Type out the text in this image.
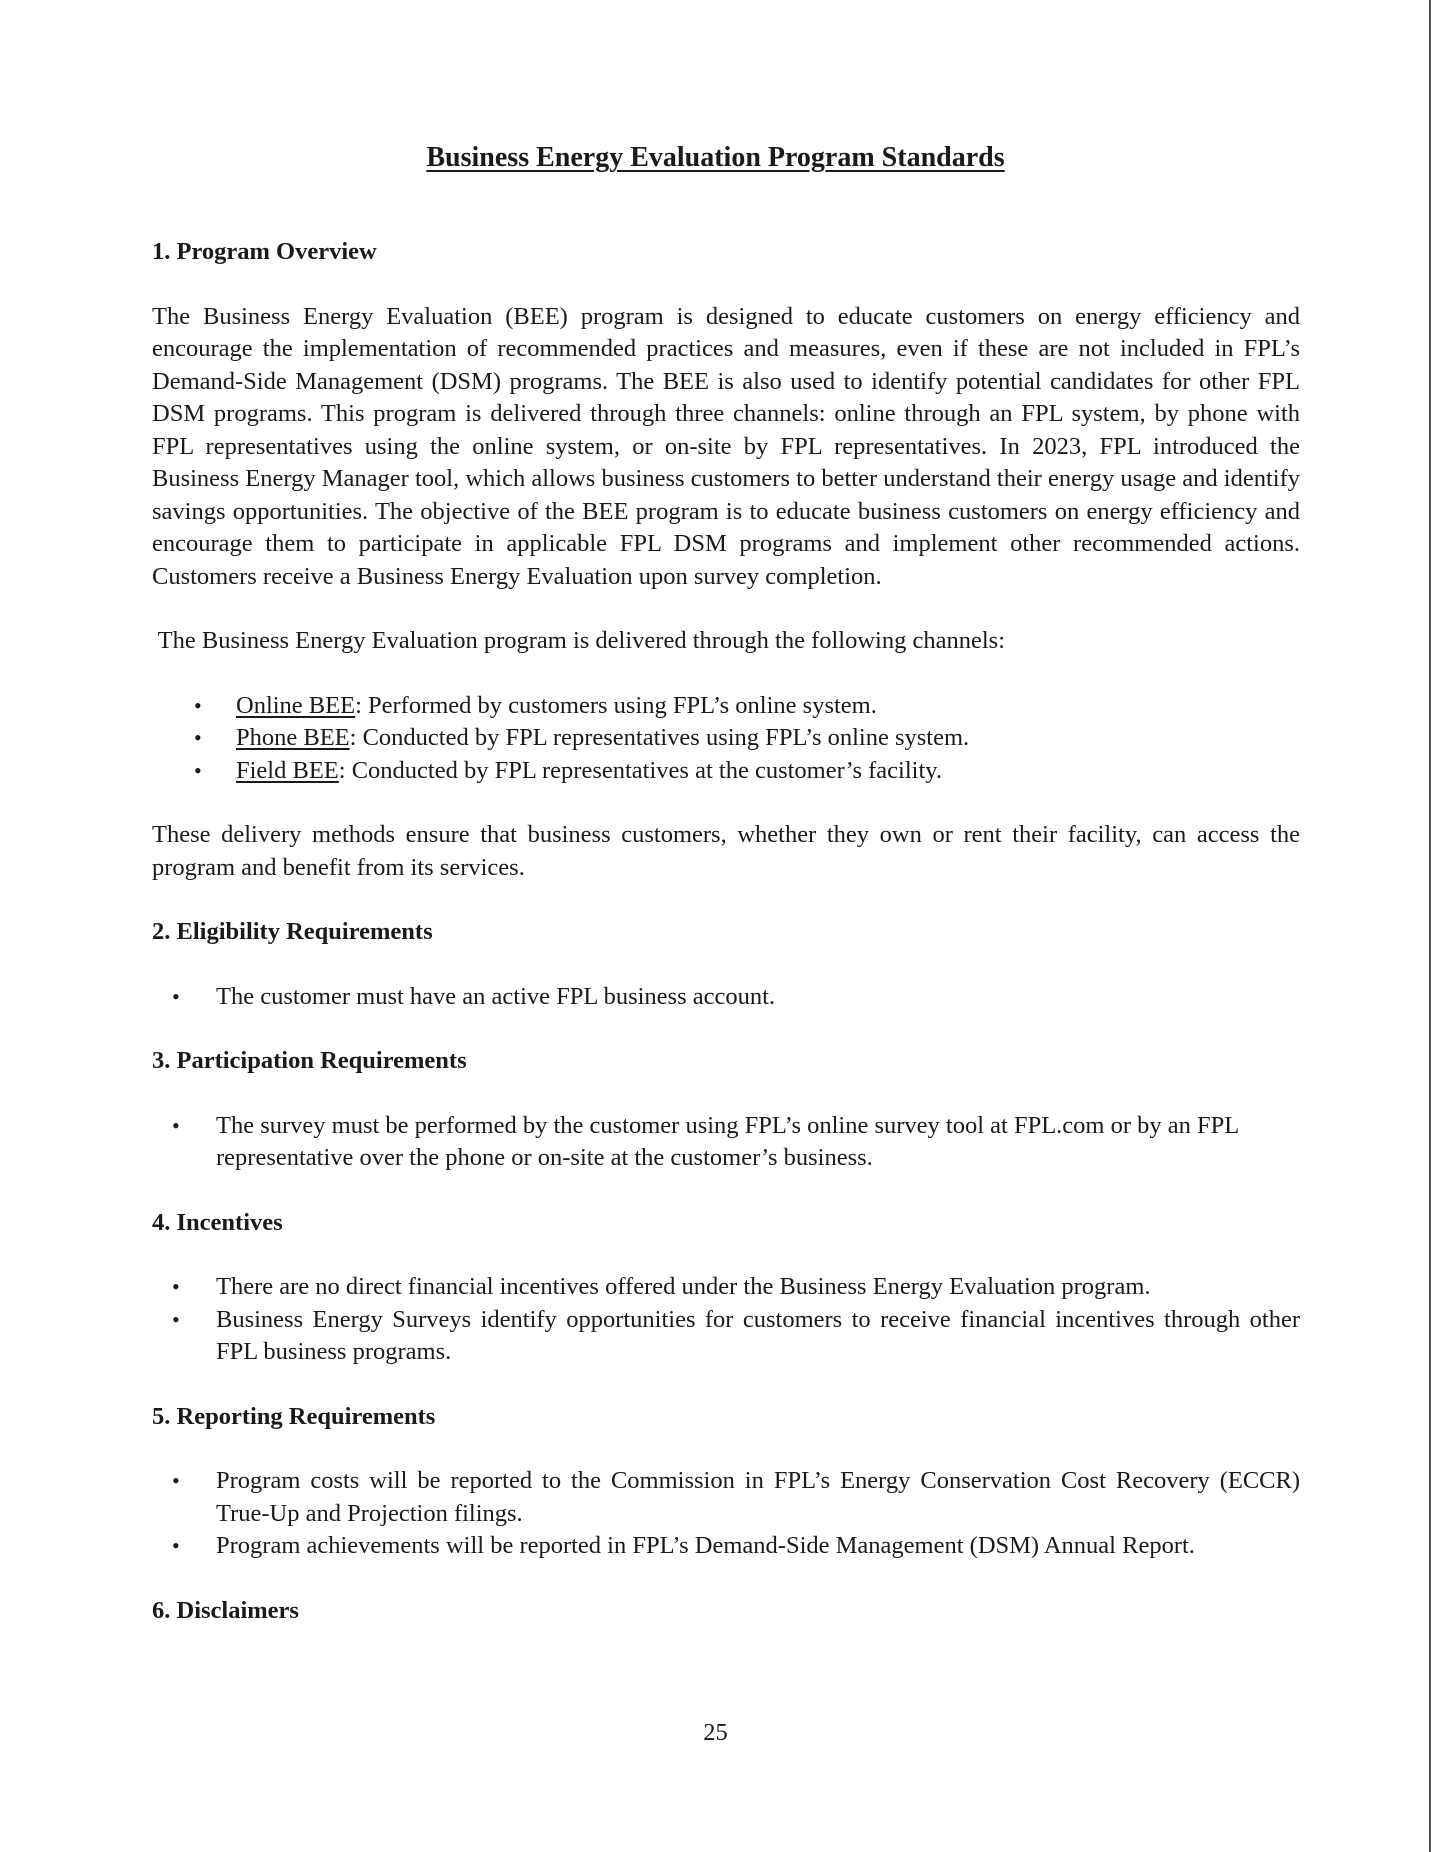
Business Energy Evaluation Program Standards

1. Program Overview

The Business Energy Evaluation (BEE) program is designed to educate customers on energy efficiency and encourage the implementation of recommended practices and measures, even if these are not included in FPL’s Demand-Side Management (DSM) programs. The BEE is also used to identify potential candidates for other FPL DSM programs. This program is delivered through three channels: online through an FPL system, by phone with FPL representatives using the online system, or on-site by FPL representatives. In 2023, FPL introduced the Business Energy Manager tool, which allows business customers to better understand their energy usage and identify savings opportunities. The objective of the BEE program is to educate business customers on energy efficiency and encourage them to participate in applicable FPL DSM programs and implement other recommended actions. Customers receive a Business Energy Evaluation upon survey completion.

The Business Energy Evaluation program is delivered through the following channels:

• Online BEE: Performed by customers using FPL’s online system.
• Phone BEE: Conducted by FPL representatives using FPL’s online system.
• Field BEE: Conducted by FPL representatives at the customer’s facility.

These delivery methods ensure that business customers, whether they own or rent their facility, can access the program and benefit from its services.

2. Eligibility Requirements

• The customer must have an active FPL business account.

3. Participation Requirements

• The survey must be performed by the customer using FPL’s online survey tool at FPL.com or by an FPL representative over the phone or on-site at the customer’s business.

4. Incentives

• There are no direct financial incentives offered under the Business Energy Evaluation program.
• Business Energy Surveys identify opportunities for customers to receive financial incentives through other FPL business programs.

5. Reporting Requirements

• Program costs will be reported to the Commission in FPL’s Energy Conservation Cost Recovery (ECCR) True-Up and Projection filings.
• Program achievements will be reported in FPL’s Demand-Side Management (DSM) Annual Report.

6. Disclaimers

25
